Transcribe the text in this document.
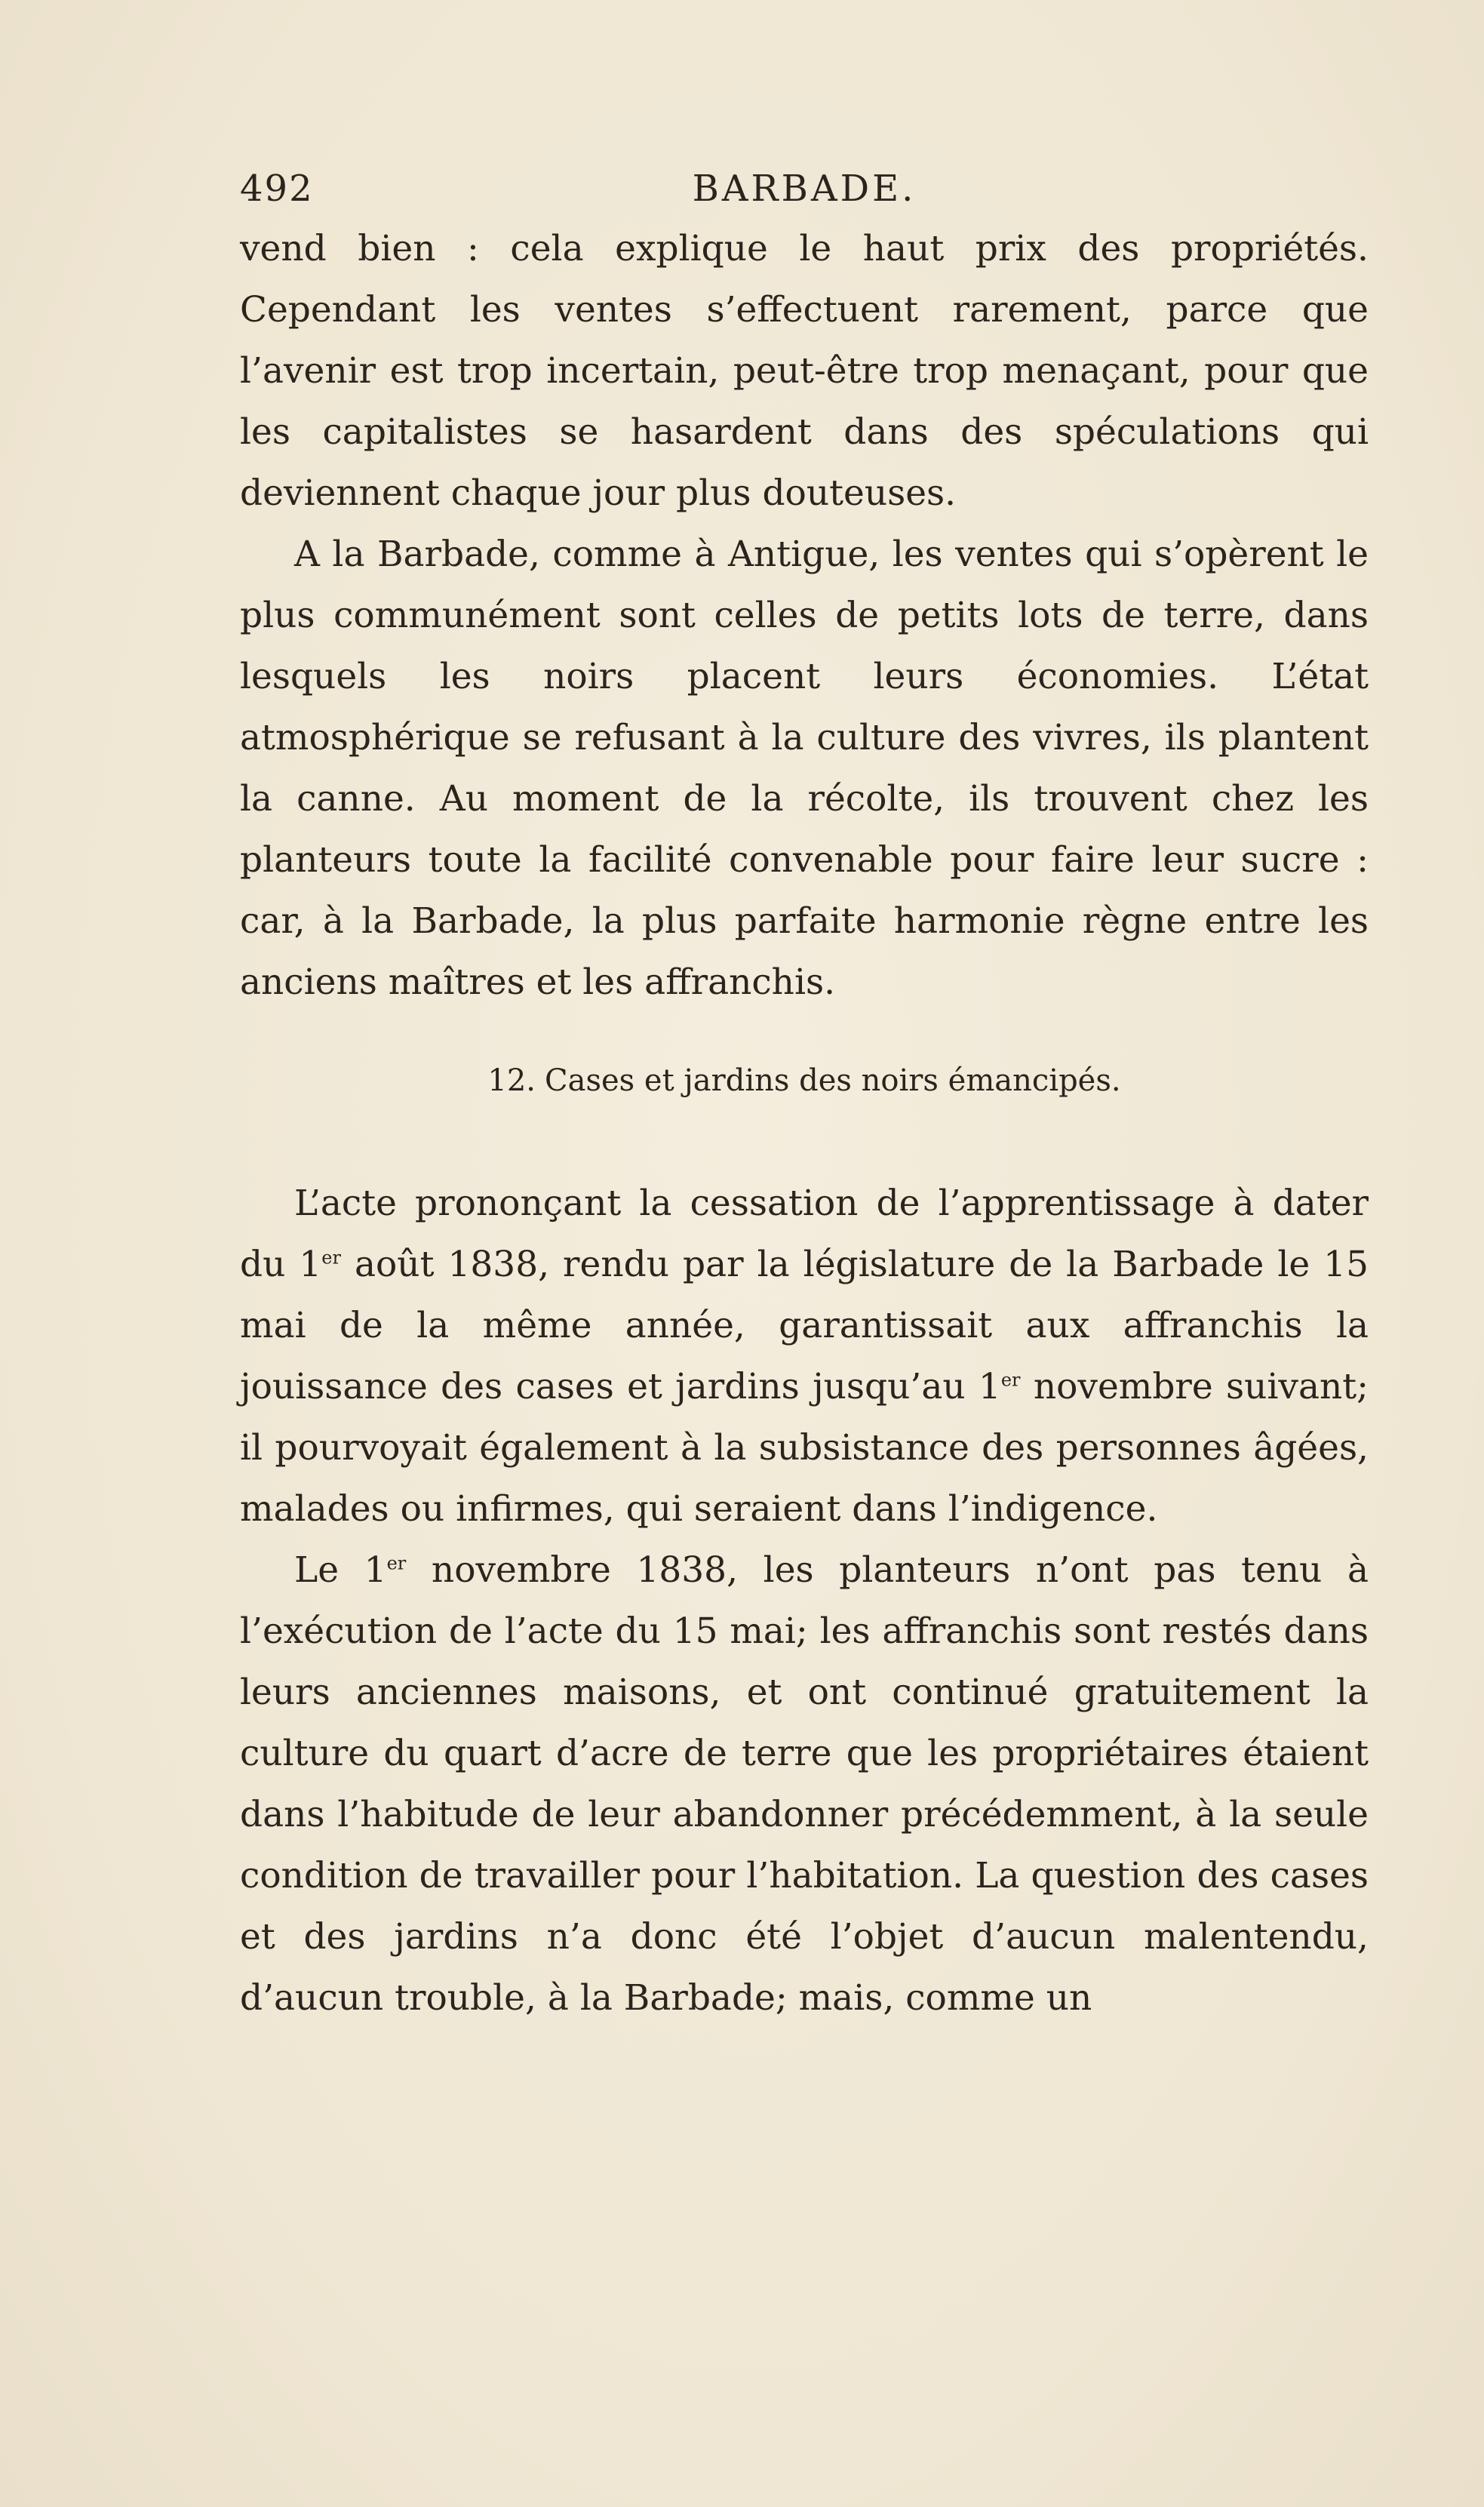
492	BARBADE.

vend bien : cela explique le haut prix des propriétés. Cependant les ventes s’effectuent rarement, parce que l’avenir est trop incertain, peut-être trop menaçant, pour que les capitalistes se hasardent dans des spéculations qui deviennent chaque jour plus douteuses.

A la Barbade, comme à Antigue, les ventes qui s’opèrent le plus communément sont celles de petits lots de terre, dans lesquels les noirs placent leurs économies. L’état atmosphérique se refusant à la culture des vivres, ils plantent la canne. Au moment de la récolte, ils trouvent chez les planteurs toute la facilité convenable pour faire leur sucre : car, à la Barbade, la plus parfaite harmonie règne entre les anciens maîtres et les affranchis.

12. Cases et jardins des noirs émancipés.

L’acte prononçant la cessation de l’apprentissage à dater du 1er août 1838, rendu par la législature de la Barbade le 15 mai de la même année, garantissait aux affranchis la jouissance des cases et jardins jusqu’au 1er novembre suivant; il pourvoyait également à la subsistance des personnes âgées, malades ou infirmes, qui seraient dans l’indigence.

Le 1er novembre 1838, les planteurs n’ont pas tenu à l’exécution de l’acte du 15 mai; les affranchis sont restés dans leurs anciennes maisons, et ont continué gratuitement la culture du quart d’acre de terre que les propriétaires étaient dans l’habitude de leur abandonner précédemment, à la seule condition de travailler pour l’habitation. La question des cases et des jardins n’a donc été l’objet d’aucun malentendu, d’aucun trouble, à la Barbade; mais, comme un
